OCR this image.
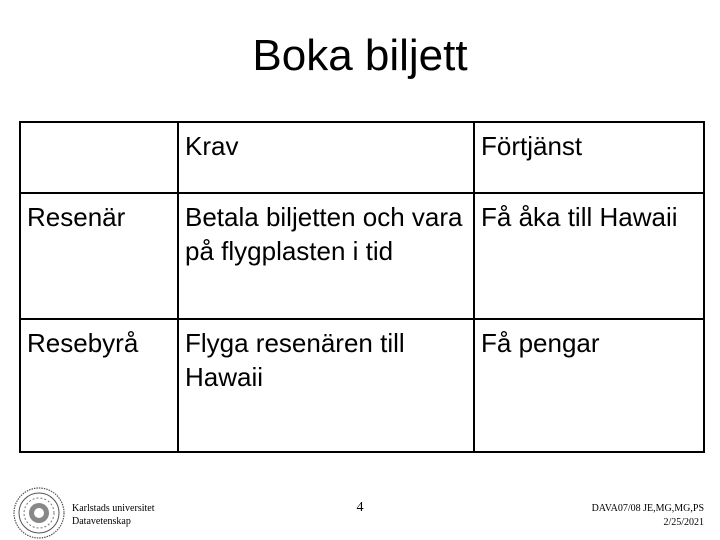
Boka biljett

	Krav	Förtjänst

Resenär	Betala biljetten och vara på flygplasten i tid	Få åka till Hawaii

Resebyrå	Flyga resenären till Hawaii	Få pengar
Karlstads universitet
Datavetenskap
4	DAVA07/08 JE,MG,MG,PS
2/25/2021
